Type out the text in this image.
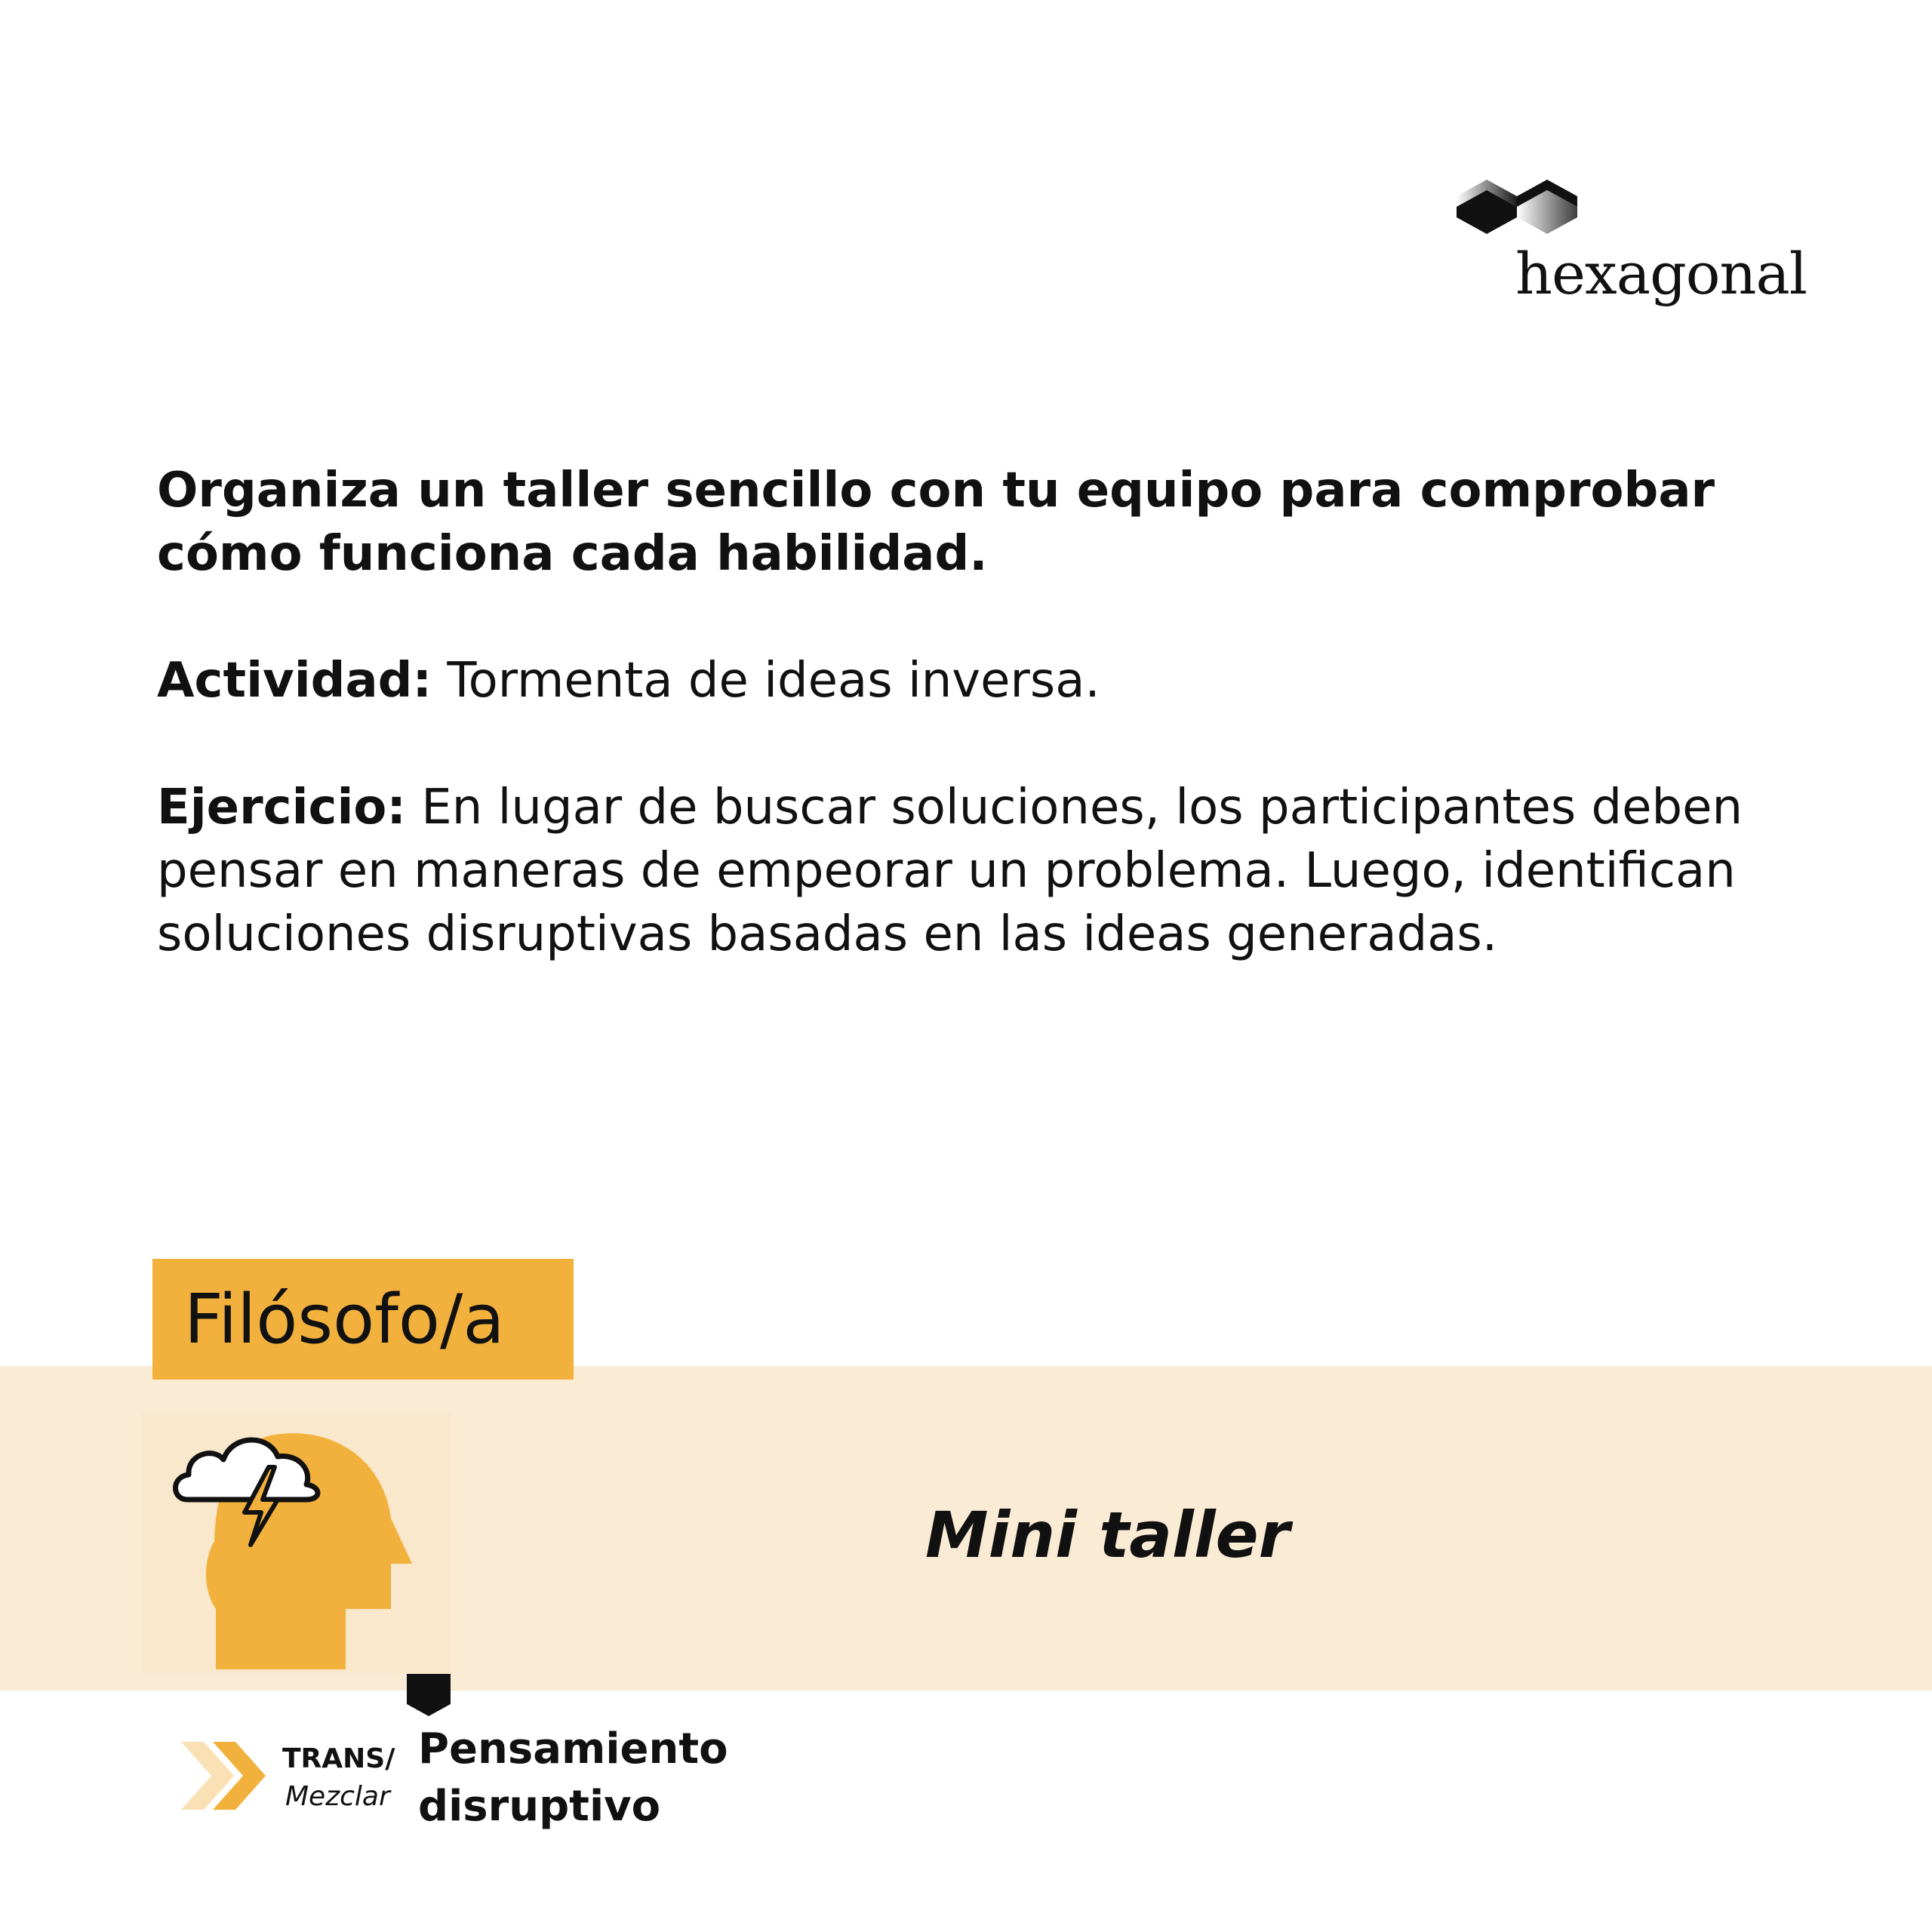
hexagonal

Organiza un taller sencillo con tu equipo para comprobar cómo funciona cada habilidad.

Actividad: Tormenta de ideas inversa.

Ejercicio: En lugar de buscar soluciones, los participantes deben pensar en maneras de empeorar un problema. Luego, identifican soluciones disruptivas basadas en las ideas generadas.

Filósofo/a
Mini taller
TRANS/
Mezclar
Pensamiento disruptivo
